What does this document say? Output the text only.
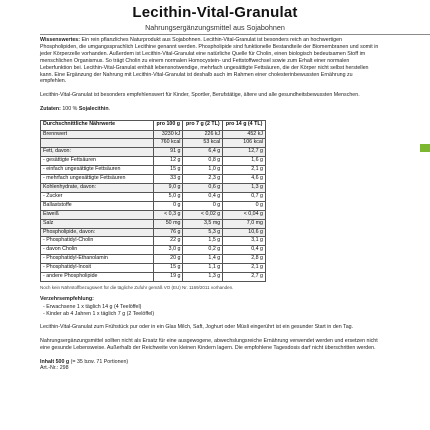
Lecithin-Vital-Granulat
Nahrungsergänzungsmittel aus Sojabohnen

Wissenswertes: Ein rein pflanzliches Naturprodukt aus Sojabohnen. Lecithin-Vital-Granulat ist besonders reich an hochwertigen Phospholipiden, die umgangssprachlich Lecithine genannt werden. Phospholipide sind funktionelle Bestandteile der Biomembranen und somit in jeder Körperzelle vorhanden. Außerdem ist Lecithin-Vital-Granulat eine natürliche Quelle für Cholin, einen biologisch bedeutsamen Stoff im menschlichen Organismus. So trägt Cholin zu einem normalen Homocystein- und Fettstoffwechsel sowie zum Erhalt einer normalen Leberfunktion bei. Lecithin-Vital-Granulat enthält lebensnotwendige, mehrfach ungesättigte Fettsäuren, die der Körper nicht selbst herstellen kann. Eine Ergänzung der Nahrung mit Lecithin-Vital-Granulat ist deshalb auch im Rahmen einer cholesterinbewussten Ernährung zu empfehlen.

Lecithin-Vital-Granulat ist besonders empfehlenswert für Kinder, Sportler, Berufstätige, ältere und alle gesundheitsbewussten Menschen.

Zutaten: 100 % Sojalecithin.

Durchschnittliche Nährwerte	pro 100 g	pro 7 g (2 TL)	pro 14 g (4 TL)
Brennwert	3230 kJ	226 kJ	452 kJ
	760 kcal	53 kcal	106 kcal
Fett, davon:	91 g	6,4 g	12,7 g
- gesättigte Fettsäuren	12 g	0,8 g	1,6 g
- einfach ungesättigte Fettsäuren	15 g	1,0 g	2,1 g
- mehrfach ungesättigte Fettsäuren	33 g	2,3 g	4,6 g
Kohlenhydrate, davon:	9,0 g	0,6 g	1,3 g
- Zucker	5,0 g	0,4 g	0,7 g
Ballaststoffe	0 g	0 g	0 g
Eiweiß	< 0,3 g	< 0,02 g	< 0,04 g
Salz	50 mg	3,5 mg	7,0 mg
Phospholipide, davon:	76 g	5,3 g	10,6 g
- Phosphatidyl-Cholin	22 g	1,5 g	3,1 g
- davon Cholin	3,0 g	0,2 g	0,4 g
- Phosphatidyl-Ethanolamin	20 g	1,4 g	2,8 g
- Phosphatidyl-Inosit	15 g	1,1 g	2,1 g
- andere Phospholipide	19 g	1,3 g	2,7 g

Noch kein Nährstoffbezugswert für die tägliche Zufuhr gemäß VO (EU) Nr. 1169/2011 vorhanden.

Verzehrsempfehlung:

- Erwachsene 1 x täglich 14 g (4 Teelöffel)
- Kinder ab 4 Jahren 1 x täglich 7 g (2 Teelöffel)

Lecithin-Vital-Granulat zum Frühstück pur oder in ein Glas Milch, Saft, Joghurt oder Müsli eingerührt ist ein gesunder Start in den Tag.

Nahrungsergänzungsmittel sollten nicht als Ersatz für eine ausgewogene, abwechslungsreiche Ernährung verwendet werden und ersetzen nicht eine gesunde Lebensweise. Außerhalb der Reichweite von kleinen Kindern lagern. Die empfohlene Tagesdosis darf nicht überschritten werden.

Inhalt 500 g (= 35 bzw. 71 Portionen)
Art.-Nr.: 298
